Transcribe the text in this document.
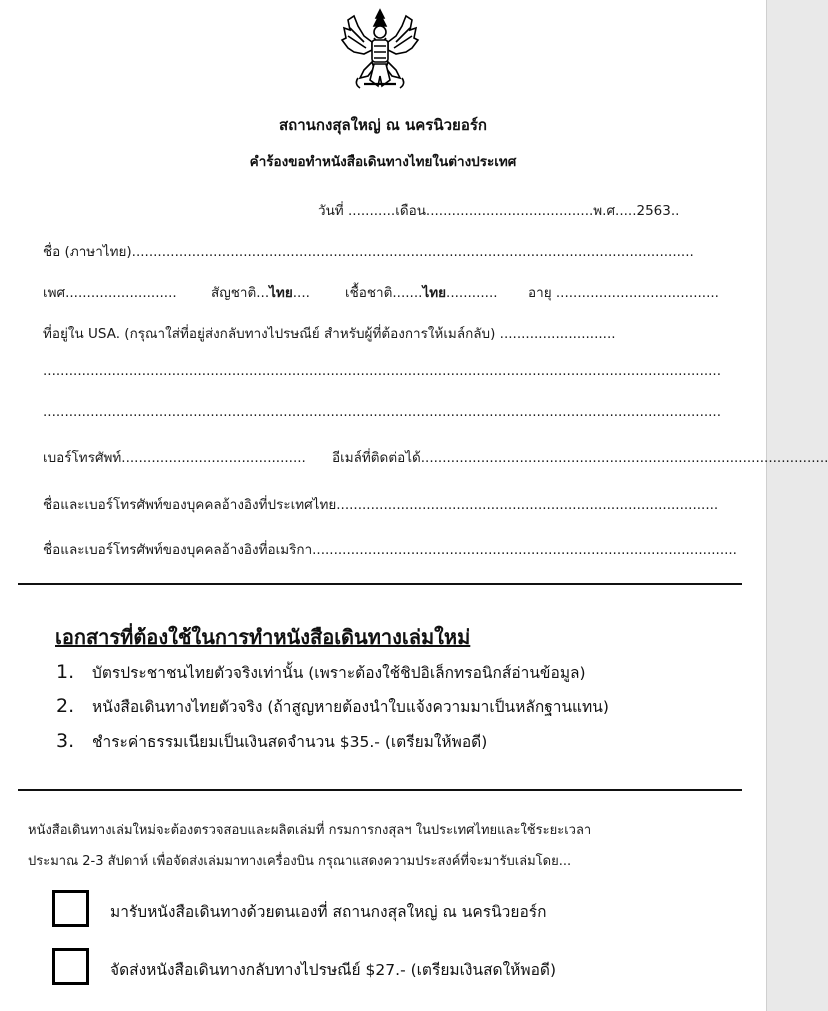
สถานกงสุลใหญ่ ณ นครนิวยอร์ก
คำร้องขอทำหนังสือเดินทางไทยในต่างประเทศ
วันที่ ...........เดือน.......................................พ.ศ.....2563..
ชื่อ (ภาษาไทย)...................................................................................................................................
เพศ..........................	สัญชาติ...ไทย....	เชื้อชาติ.......ไทย............ อายุ ......................................
ที่อยู่ใน USA. (กรุณาใส่ที่อยู่ส่งกลับทางไปรษณีย์ สำหรับผู้ที่ต้องการให้เมล์กลับ) ...........................
..............................................................................................................................................................
..............................................................................................................................................................
เบอร์โทรศัพท์........................................... อีเมล์ที่ติดต่อได้...............................................................................................
ชื่อและเบอร์โทรศัพท์ของบุคคลอ้างอิงที่ประเทศไทย.........................................................................................
ชื่อและเบอร์โทรศัพท์ของบุคคลอ้างอิงที่อเมริกา...................................................................................................
เอกสารที่ต้องใช้ในการทำหนังสือเดินทางเล่มใหม่
1. บัตรประชาชนไทยตัวจริงเท่านั้น (เพราะต้องใช้ชิปอิเล็กทรอนิกส์อ่านข้อมูล)
2. หนังสือเดินทางไทยตัวจริง (ถ้าสูญหายต้องนำใบแจ้งความมาเป็นหลักฐานแทน)
3. ชำระค่าธรรมเนียมเป็นเงินสดจำนวน $35.- (เตรียมให้พอดี)
หนังสือเดินทางเล่มใหม่จะต้องตรวจสอบและผลิตเล่มที่ กรมการกงสุลฯ ในประเทศไทยและใช้ระยะเวลา
ประมาณ 2-3 สัปดาห์ เพื่อจัดส่งเล่มมาทางเครื่องบิน กรุณาแสดงความประสงค์ที่จะมารับเล่มโดย...
มารับหนังสือเดินทางด้วยตนเองที่ สถานกงสุลใหญ่ ณ นครนิวยอร์ก
จัดส่งหนังสือเดินทางกลับทางไปรษณีย์ $27.- (เตรียมเงินสดให้พอดี)
